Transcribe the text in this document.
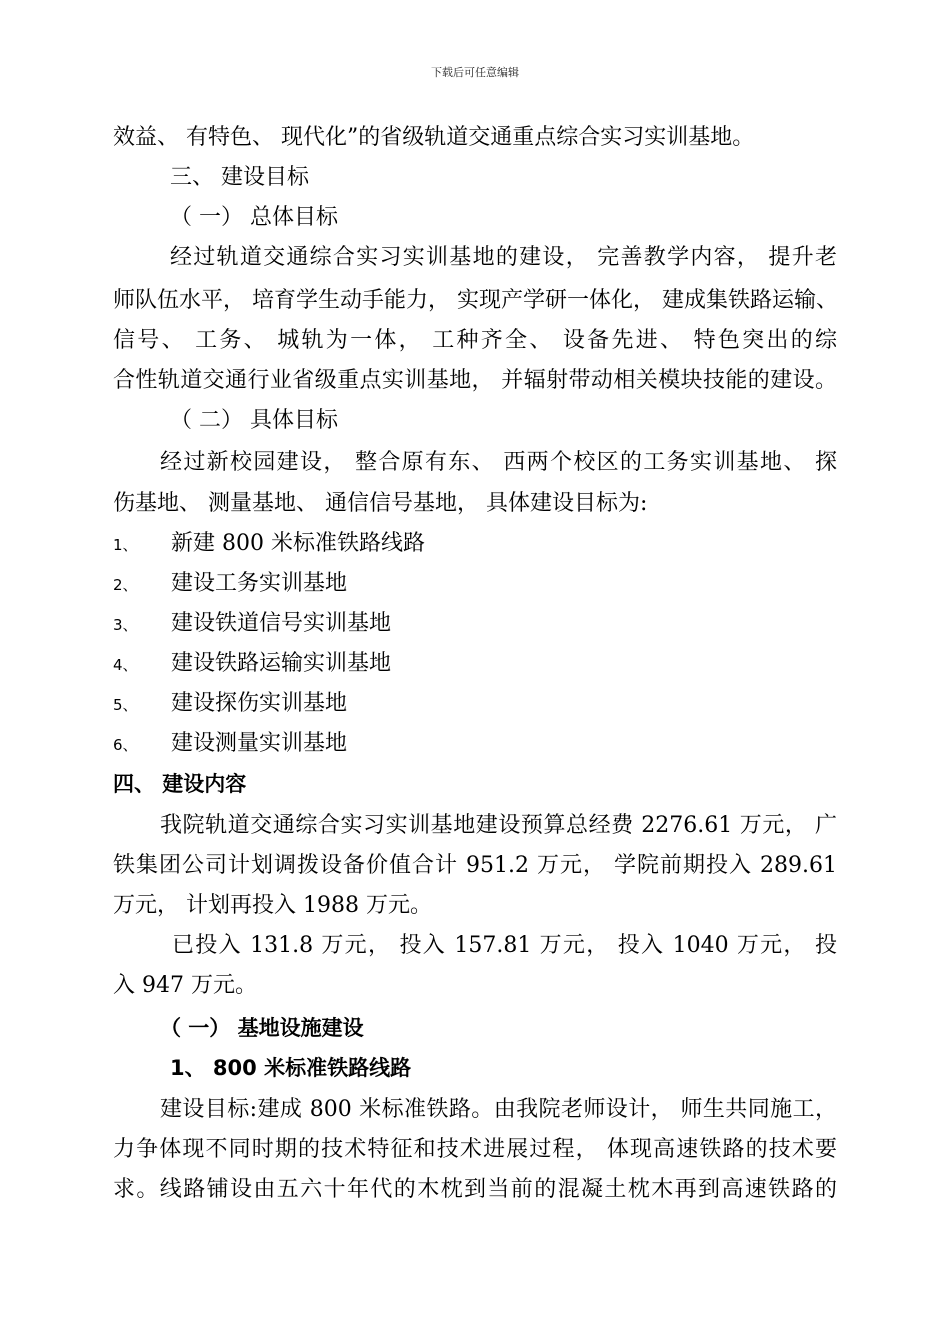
下载后可任意编辑
效益、 有特色、 现代化”的省级轨道交通重点综合实习实训基地。
三、 建设目标
（ 一） 总体目标
经过轨道交通综合实习实训基地的建设， 完善教学内容， 提升老
师队伍水平， 培育学生动手能力， 实现产学研一体化， 建成集铁路运输、
信号、 工务、 城轨为一体， 工种齐全、 设备先进、 特色突出的综
合性轨道交通行业省级重点实训基地， 并辐射带动相关模块技能的建设。
（ 二） 具体目标
经过新校园建设， 整合原有东、 西两个校区的工务实训基地、 探
伤基地、 测量基地、 通信信号基地， 具体建设目标为:
1、 新建 800 米标准铁路线路
2、 建设工务实训基地
3、 建设铁道信号实训基地
4、 建设铁路运输实训基地
5、 建设探伤实训基地
6、 建设测量实训基地
四、 建设内容
我院轨道交通综合实习实训基地建设预算总经费 2276.61 万元， 广
铁集团公司计划调拨设备价值合计 951.2 万元， 学院前期投入 289.61
万元， 计划再投入 1988 万元。
已投入 131.8 万元， 投入 157.81 万元， 投入 1040 万元， 投
入 947 万元。
（ 一） 基地设施建设
1、 800 米标准铁路线路
建设目标:建成 800 米标准铁路。由我院老师设计， 师生共同施工，
力争体现不同时期的技术特征和技术进展过程， 体现高速铁路的技术要
求。线路铺设由五六十年代的木枕到当前的混凝土枕木再到高速铁路的
